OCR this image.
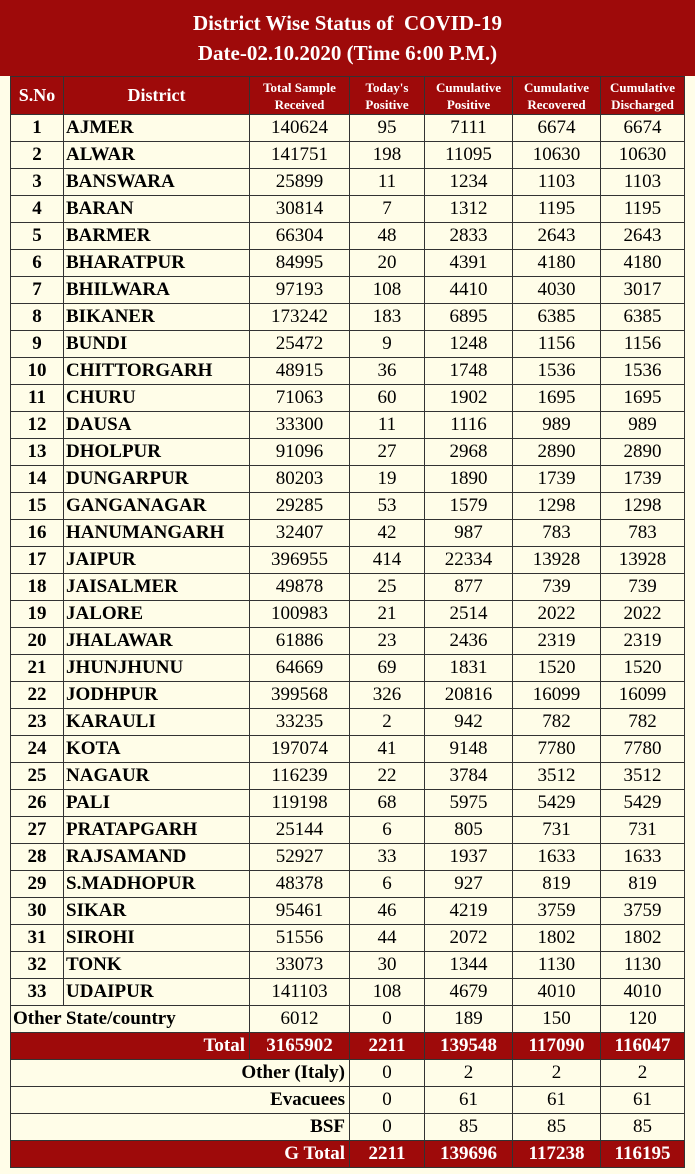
District Wise Status of  COVID-19
Date-02.10.2020 (Time 6:00 P.M.)
S.No	District	Total Sample Received	Today's Positive	Cumulative Positive	Cumulative Recovered	Cumulative Discharged
1	AJMER	140624	95	7111	6674	6674
2	ALWAR	141751	198	11095	10630	10630
3	BANSWARA	25899	11	1234	1103	1103
4	BARAN	30814	7	1312	1195	1195
5	BARMER	66304	48	2833	2643	2643
6	BHARATPUR	84995	20	4391	4180	4180
7	BHILWARA	97193	108	4410	4030	3017
8	BIKANER	173242	183	6895	6385	6385
9	BUNDI	25472	9	1248	1156	1156
10	CHITTORGARH	48915	36	1748	1536	1536
11	CHURU	71063	60	1902	1695	1695
12	DAUSA	33300	11	1116	989	989
13	DHOLPUR	91096	27	2968	2890	2890
14	DUNGARPUR	80203	19	1890	1739	1739
15	GANGANAGAR	29285	53	1579	1298	1298
16	HANUMANGARH	32407	42	987	783	783
17	JAIPUR	396955	414	22334	13928	13928
18	JAISALMER	49878	25	877	739	739
19	JALORE	100983	21	2514	2022	2022
20	JHALAWAR	61886	23	2436	2319	2319
21	JHUNJHUNU	64669	69	1831	1520	1520
22	JODHPUR	399568	326	20816	16099	16099
23	KARAULI	33235	2	942	782	782
24	KOTA	197074	41	9148	7780	7780
25	NAGAUR	116239	22	3784	3512	3512
26	PALI	119198	68	5975	5429	5429
27	PRATAPGARH	25144	6	805	731	731
28	RAJSAMAND	52927	33	1937	1633	1633
29	S.MADHOPUR	48378	6	927	819	819
30	SIKAR	95461	46	4219	3759	3759
31	SIROHI	51556	44	2072	1802	1802
32	TONK	33073	30	1344	1130	1130
33	UDAIPUR	141103	108	4679	4010	4010
Other State/country		6012	0	189	150	120
Total		3165902	2211	139548	117090	116047
Other (Italy)			0	2	2	2
Evacuees			0	61	61	61
BSF			0	85	85	85
G Total			2211	139696	117238	116195
